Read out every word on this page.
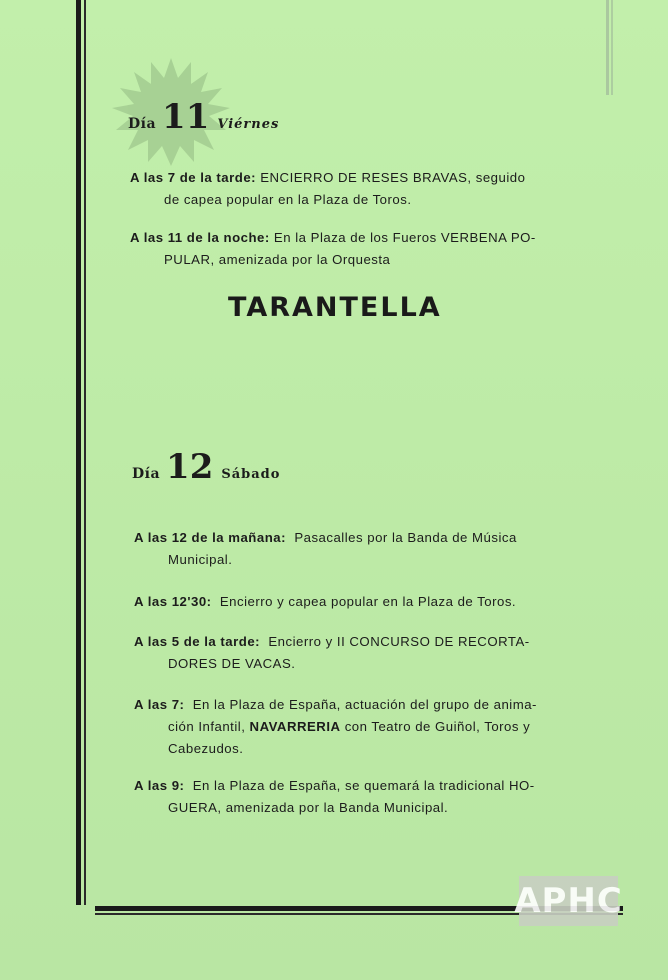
Día 11 Viérnes
A las 7 de la tarde: ENCIERRO DE RESES BRAVAS, seguido
de capea popular en la Plaza de Toros.
A las 11 de la noche: En la Plaza de los Fueros VERBENA PO-
PULAR, amenizada por la Orquesta
TARANTELLA
Día 12 Sábado
A las 12 de la mañana: Pasacalles por la Banda de Música
Municipal.
A las 12'30: Encierro y capea popular en la Plaza de Toros.
A las 5 de la tarde: Encierro y II CONCURSO DE RECORTA-
DORES DE VACAS.
A las 7: En la Plaza de España, actuación del grupo de anima-
ción Infantil, NAVARRERIA con Teatro de Guiñol, Toros y
Cabezudos.
A las 9: En la Plaza de España, se quemará la tradicional HO-
GUERA, amenizada por la Banda Municipal.
APHC
